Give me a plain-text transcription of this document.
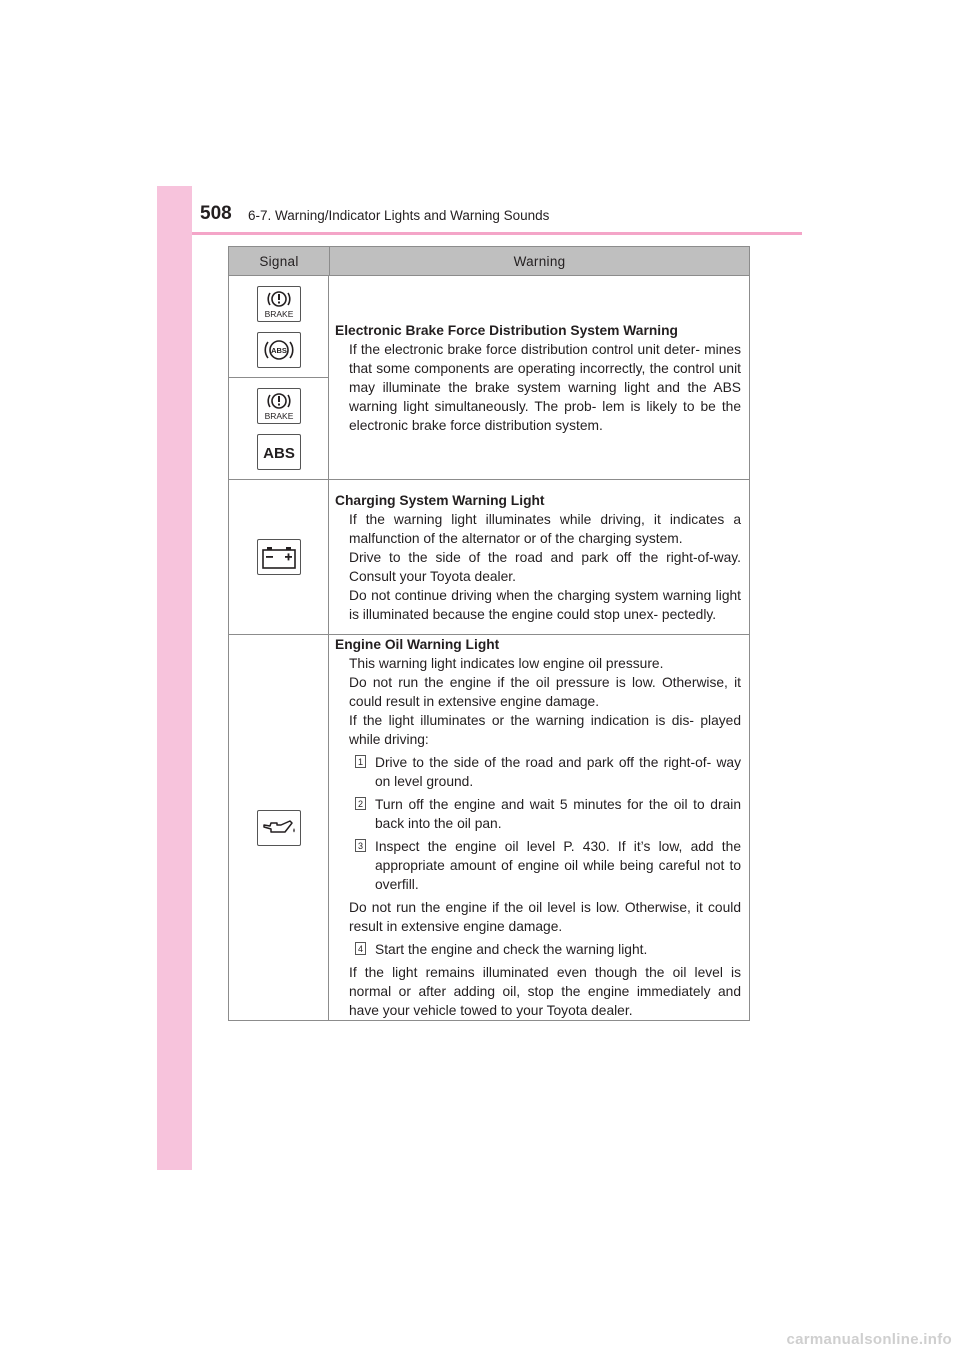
508 6-7. Warning/Indicator Lights and Warning Sounds
Signal	Warning
BRAKE
ABS
BRAKE
ABS
Electronic Brake Force Distribution System Warning
If the electronic brake force distribution control unit deter- mines that some components are operating incorrectly, the control unit may illuminate the brake system warning light and the ABS warning light simultaneously. The prob- lem is likely to be the electronic brake force distribution system.
Charging System Warning Light
If the warning light illuminates while driving, it indicates a malfunction of the alternator or of the charging system.
Drive to the side of the road and park off the right-of-way. Consult your Toyota dealer.
Do not continue driving when the charging system warning light is illuminated because the engine could stop unex- pectedly.
Engine Oil Warning Light
This warning light indicates low engine oil pressure.
Do not run the engine if the oil pressure is low. Otherwise, it could result in extensive engine damage.
If the light illuminates or the warning indication is dis- played while driving:
1 Drive to the side of the road and park off the right-of- way on level ground.
2 Turn off the engine and wait 5 minutes for the oil to drain back into the oil pan.
3 Inspect the engine oil level P. 430. If it’s low, add the appropriate amount of engine oil while being careful not to overfill.
Do not run the engine if the oil level is low. Otherwise, it could result in extensive engine damage.
4 Start the engine and check the warning light.
If the light remains illuminated even though the oil level is normal or after adding oil, stop the engine immediately and have your vehicle towed to your Toyota dealer.
carmanualsonline.info
